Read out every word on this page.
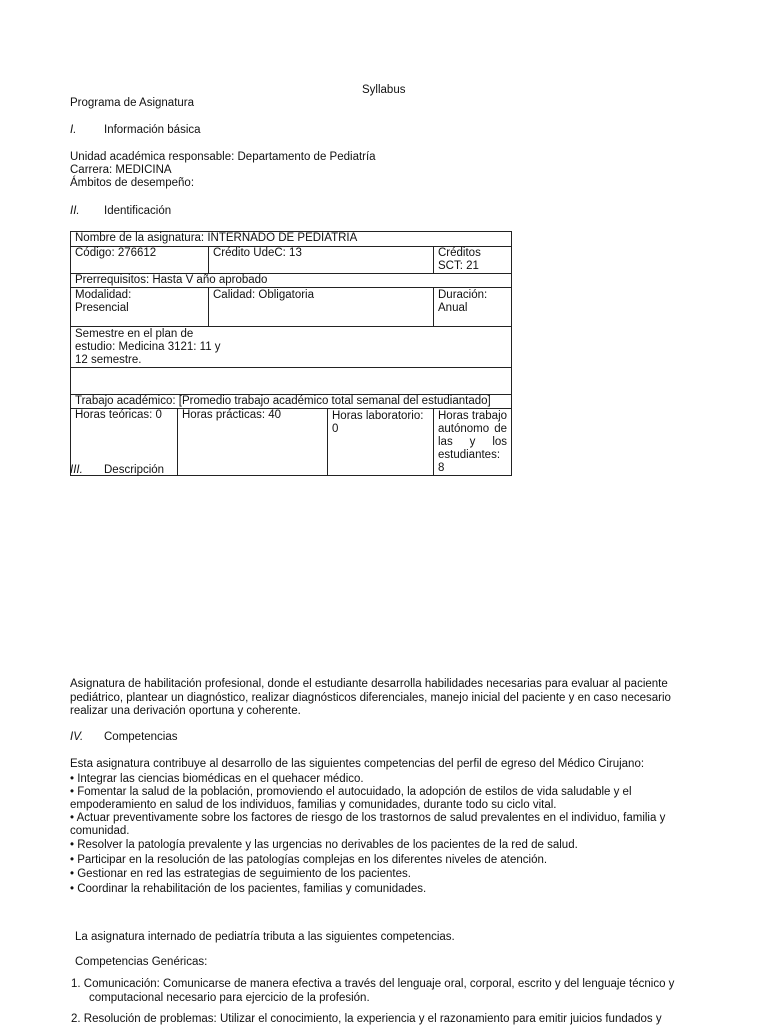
Syllabus
Programa de Asignatura
I. Información básica
Unidad académica responsable: Departamento de Pediatría
Carrera: MEDICINA
Ámbitos de desempeño:
II. Identificación
Nombre de la asignatura: INTERNADO DE PEDIATRIA				
Código: 276612		Crédito UdeC: 13		Créditos SCT: 21
Prerrequisitos: Hasta V año aprobado				
Modalidad: Presencial		Calidad: Obligatoria		Duración: Anual
Semestre en el plan de estudio: Medicina 3121: 11 y 12 semestre.				

Trabajo académico: [Promedio trabajo académico total semanal del estudiantado]				
Horas teóricas: 0	Horas prácticas: 40		Horas laboratorio: 0	Horas trabajo autónomo de las y los estudiantes: 8
III. Descripción
Asignatura de habilitación profesional, donde el estudiante desarrolla habilidades necesarias para evaluar al paciente pediátrico, plantear un diagnóstico, realizar diagnósticos diferenciales, manejo inicial del paciente y en caso necesario realizar una derivación oportuna y coherente.
IV. Competencias
Esta asignatura contribuye al desarrollo de las siguientes competencias del perfil de egreso del Médico Cirujano:
• Integrar las ciencias biomédicas en el quehacer médico.
• Fomentar la salud de la población, promoviendo el autocuidado, la adopción de estilos de vida saludable y el empoderamiento en salud de los individuos, familias y comunidades, durante todo su ciclo vital.
• Actuar preventivamente sobre los factores de riesgo de los trastornos de salud prevalentes en el individuo, familia y comunidad.
• Resolver la patología prevalente y las urgencias no derivables de los pacientes de la red de salud.
• Participar en la resolución de las patologías complejas en los diferentes niveles de atención.
• Gestionar en red las estrategias de seguimiento de los pacientes.
• Coordinar la rehabilitación de los pacientes, familias y comunidades.
La asignatura internado de pediatría tributa a las siguientes competencias.
Competencias Genéricas:
1. Comunicación: Comunicarse de manera efectiva a través del lenguaje oral, corporal, escrito y del lenguaje técnico y computacional necesario para ejercicio de la profesión.
2. Resolución de problemas: Utilizar el conocimiento, la experiencia y el razonamiento para emitir juicios fundados y
